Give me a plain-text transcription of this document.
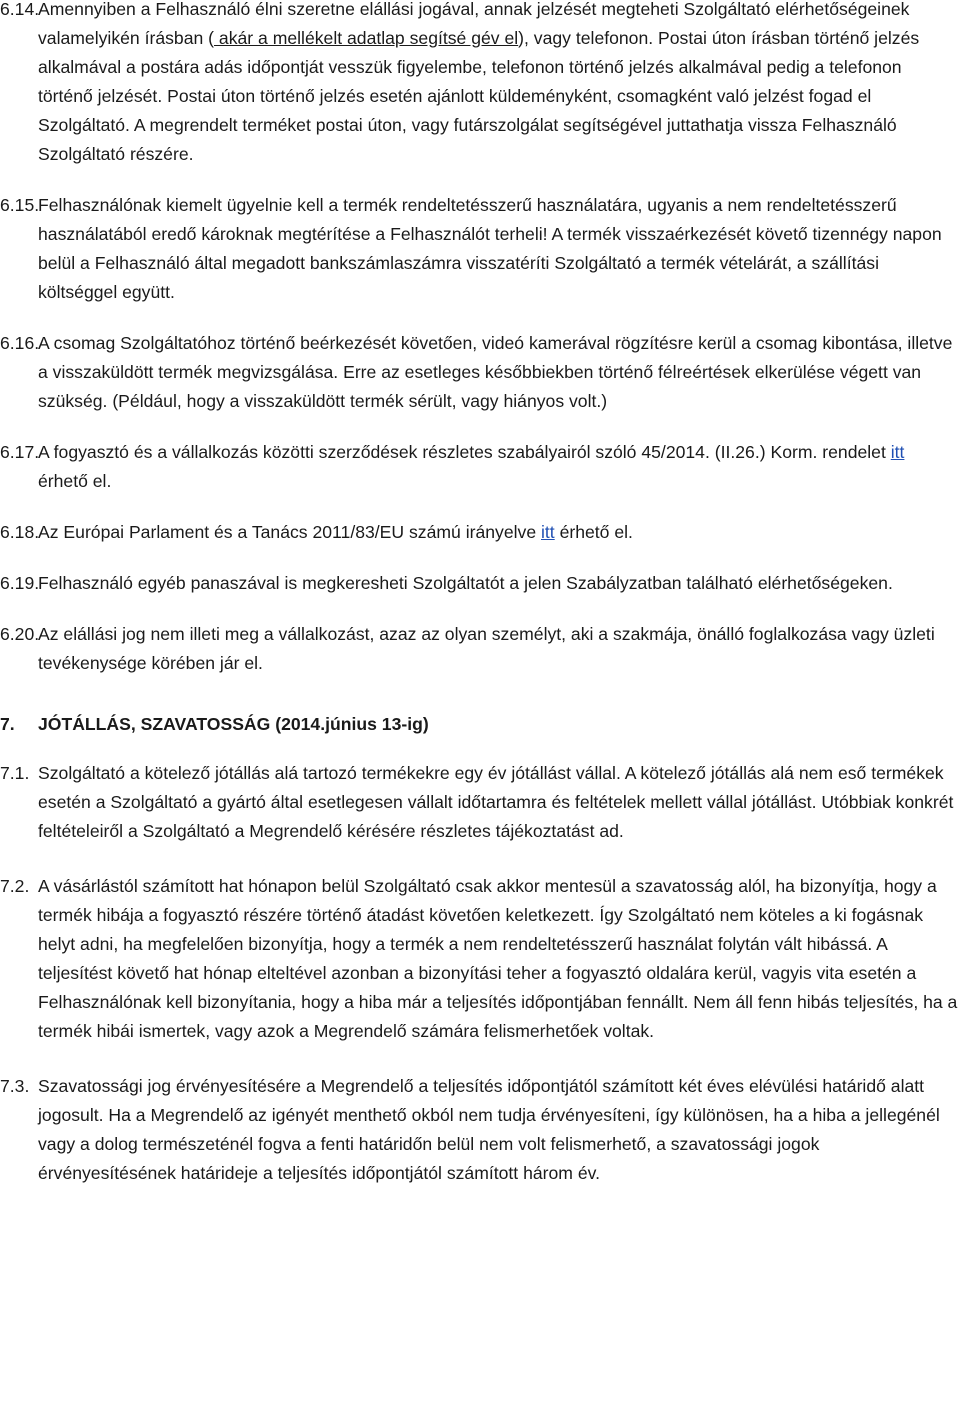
6.14.
Amennyiben a Felhasználó élni szeretne elállási jogával, annak jelzését megteheti Szolgáltató elérhetőségeinek valamelyikén írásban ( akár a mellékelt adatlap segítsé gév el), vagy telefonon. Postai úton írásban történő jelzés alkalmával a postára adás időpontját vesszük figyelembe, telefonon történő jelzés alkalmával pedig a telefonon történő jelzését. Postai úton történő jelzés esetén ajánlott küldeményként, csomagként való jelzést fogad el Szolgáltató. A megrendelt terméket postai úton, vagy futárszolgálat segítségével juttathatja vissza Felhasználó Szolgáltató részére.
6.15.
Felhasználónak kiemelt ügyelnie kell a termék rendeltetésszerű használatára, ugyanis a nem rendeltetésszerű használatából eredő károknak megtérítése a Felhasználót terheli! A termék visszaérkezését követő tizennégy napon belül a Felhasználó által megadott bankszámlaszámra visszatéríti Szolgáltató a termék vételárát, a szállítási költséggel együtt.
6.16.
A csomag Szolgáltatóhoz történő beérkezését követően, videó kamerával rögzítésre kerül a csomag kibontása, illetve a visszaküldött termék megvizsgálása. Erre az esetleges későbbiekben történő félreértések elkerülése végett van szükség. (Például, hogy a visszaküldött termék sérült, vagy hiányos volt.)
6.17.
A fogyasztó és a vállalkozás közötti szerződések részletes szabályairól szóló 45/2014. (II.26.) Korm. rendelet itt érhető el.
6.18.
Az Európai Parlament és a Tanács 2011/83/EU számú irányelve itt érhető el.
6.19.
Felhasználó egyéb panaszával is megkeresheti Szolgáltatót a jelen Szabályzatban található elérhetőségeken.
6.20.
Az elállási jog nem illeti meg a vállalkozást, azaz az olyan személyt, aki a szakmája, önálló foglalkozása vagy üzleti tevékenysége körében jár el.
7. JÓTÁLLÁS, SZAVATOSSÁG (2014.június 13-ig)
7.1. Szolgáltató a kötelező jótállás alá tartozó termékekre egy év jótállást vállal. A kötelező jótállás alá nem eső termékek esetén a Szolgáltató a gyártó által esetlegesen vállalt időtartamra és feltételek mellett vállal jótállást. Utóbbiak konkrét feltételeiről a Szolgáltató a Megrendelő kérésére részletes tájékoztatást ad.
7.2. A vásárlástól számított hat hónapon belül Szolgáltató csak akkor mentesül a szavatosság alól, ha bizonyítja, hogy a termék hibája a fogyasztó részére történő átadást követően keletkezett. Így Szolgáltató nem köteles a ki fogásnak helyt adni, ha megfelelően bizonyítja, hogy a termék a nem rendeltetésszerű használat folytán vált hibássá. A teljesítést követő hat hónap elteltével azonban a bizonyítási teher a fogyasztó oldalára kerül, vagyis vita esetén a Felhasználónak kell bizonyítania, hogy a hiba már a teljesítés időpontjában fennállt. Nem áll fenn hibás teljesítés, ha a termék hibái ismertek, vagy azok a Megrendelő számára felismerhetőek voltak.
7.3. Szavatossági jog érvényesítésére a Megrendelő a teljesítés időpontjától számított két éves elévülési határidő alatt jogosult. Ha a Megrendelő az igényét menthető okból nem tudja érvényesíteni, így különösen, ha a hiba a jellegénél vagy a dolog természeténél fogva a fenti határidőn belül nem volt felismerhető, a szavatossági jogok érvényesítésének határideje a teljesítés időpontjától számított három év.
